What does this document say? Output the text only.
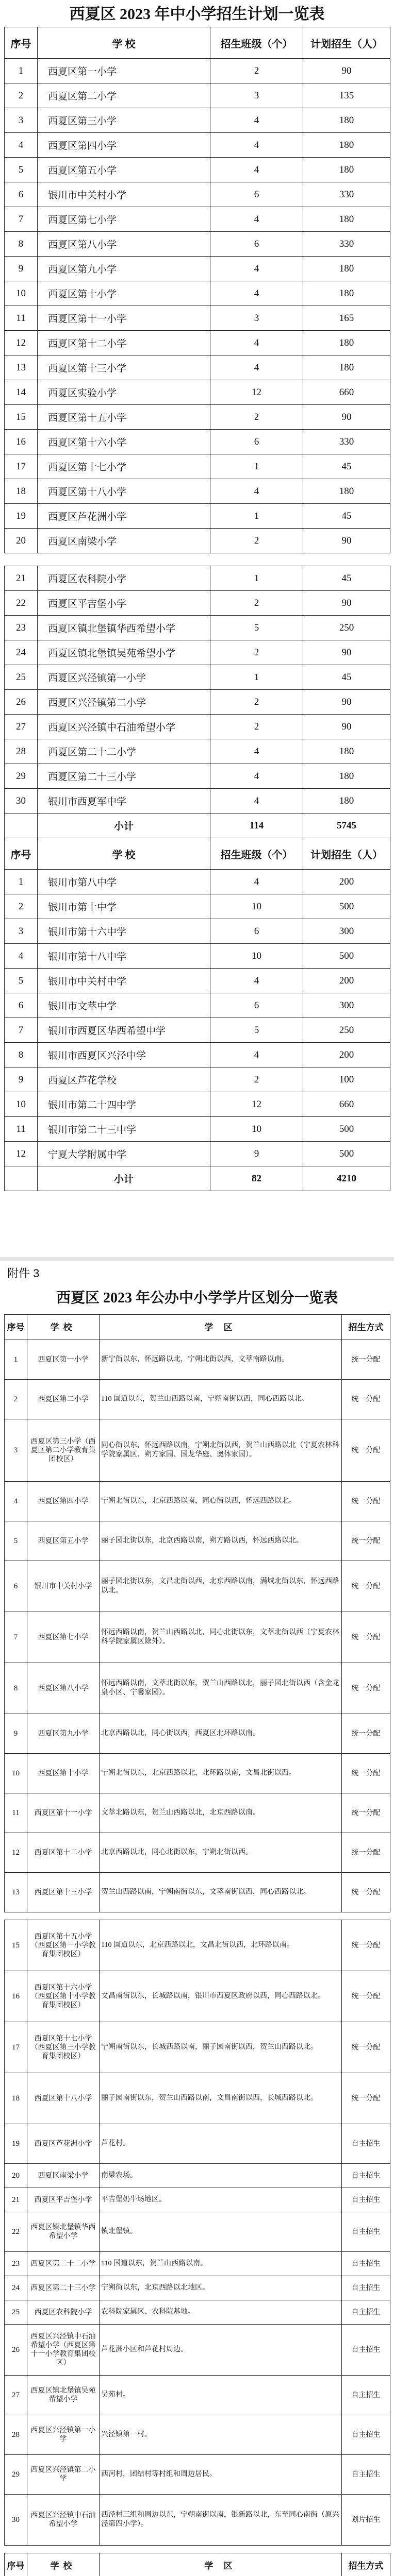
西夏区 2023 年中小学招生计划一览表
序号	学 校	招生班级（个）	计划招生（人）
1	西夏区第一小学	2	90
2	西夏区第二小学	3	135
3	西夏区第三小学	4	180
4	西夏区第四小学	4	180
5	西夏区第五小学	4	180
6	银川市中关村小学	6	330
7	西夏区第七小学	4	180
8	西夏区第八小学	6	330
9	西夏区第九小学	4	180
10	西夏区第十小学	4	180
11	西夏区第十一小学	3	165
12	西夏区第十二小学	4	180
13	西夏区第十三小学	4	180
14	西夏区实验小学	12	660
15	西夏区第十五小学	2	90
16	西夏区第十六小学	6	330
17	西夏区第十七小学	1	45
18	西夏区第十八小学	4	180
19	西夏区芦花洲小学	1	45
20	西夏区南梁小学	2	90
21	西夏区农科院小学	1	45
22	西夏区平吉堡小学	2	90
23	西夏区镇北堡镇华西希望小学	5	250
24	西夏区镇北堡镇吴苑希望小学	2	90
25	西夏区兴泾镇第一小学	1	45
26	西夏区兴泾镇第二小学	2	90
27	西夏区兴泾镇中石油希望小学	2	90
28	西夏区第二十二小学	4	180
29	西夏区第二十三小学	4	180
30	银川市西夏军中学	4	180
	小计	114	5745
序号	学 校	招生班级（个）	计划招生（人）
1	银川市第八中学	4	200
2	银川市第十中学	10	500
3	银川市第十六中学	6	300
4	银川市第十八中学	10	500
5	银川市中关村中学	4	200
6	银川市文萃中学	6	300
7	银川市西夏区华西希望中学	5	250
8	银川市西夏区兴泾中学	4	200
9	西夏区芦花学校	2	100
10	银川市第二十四中学	12	660
11	银川市第二十三中学	10	500
12	宁夏大学附属中学	9	500
	小计	82	4210
附件 3
西夏区 2023 年公办中小学学片区划分一览表
序号	学校	学 区	招生方式
1	西夏区第一小学	新宁街以东，怀远路以北，宁朔北街以西，文萃南路以南。	统一分配
2	西夏区第二小学	110 国道以东，贺兰山西路以南，宁朔南街以西，同心西路以北。	统一分配
3	西夏区第三小学（西夏区第二小学教育集团校区）	同心街以东，怀远西路以南，宁朔北街以西，贺兰山西路以北（宁夏农林科学院家属区、朔方家园、国龙华庭、奥体家园）。	统一分配
4	西夏区第四小学	宁朔北街以东，北京西路以南，同心街以西，怀远西路以北。	统一分配
5	西夏区第五小学	丽子园北街以东，北京西路以南，朔方路以西，怀远西路以北。	统一分配
6	银川市中关村小学	丽子园北街以东，文昌北街以西，北京西路以南，满城北街以东，怀远西路以北。	统一分配
7	西夏区第七小学	怀远西路以南，贺兰山西路以北，同心北街以东，文萃北街以西（宁夏农林科学院家属区除外）。	统一分配
8	西夏区第八小学	怀远西路以南，文萃北街以东，贺兰山西路以北，丽子园北街以西（含金龙泉小区、宁馨家园）。	统一分配
9	西夏区第九小学	北京西路以北，同心街以西，西夏区北环路以南。	统一分配
10	西夏区第十小学	宁朔北街以东，北京西路以北，北环路以南，文昌北街以西。	统一分配
11	西夏区第十一小学	文萃北路以东，贺兰山西路以北，北京西路以南。	统一分配
12	西夏区第十二小学	北京西路以北，同心北街以东，宁朔北街以西。	统一分配
13	西夏区第十三小学	贺兰山西路以南，宁朔南街以东，文萃南街以西，同心西路以北。	统一分配
15	西夏区第十五小学（西夏区第一小学教育集团校区）	110 国道以东，北京西路以北，文昌北街以西，北环路以南。	统一分配
16	西夏区第十六小学（西夏区第十小学教育集团校区）	文昌南街以东，长城路以南，银川市西夏区政府以西，同心西路以北。	统一分配
17	西夏区第十七小学（西夏区第三小学教育集团校区）	宁朔南街以东，长城西路以南，丽子园南街以西，贺兰山西路以北。	统一分配
18	西夏区第十八小学	丽子园南街以东，贺兰山西路以南，文昌南街以西，长城西路以北。	统一分配
19	西夏区芦花洲小学	芦花村。	自主招生
20	西夏区南梁小学	南梁农场。	自主招生
21	西夏区平吉堡小学	平吉堡奶牛场地区。	自主招生
22	西夏区镇北堡镇华西希望小学	镇北堡镇。	自主招生
23	西夏区第二十二小学	110 国道以东，贺兰山西路以南。	自主招生
24	西夏区第二十三小学	宁朔街以东，北京西路以北地区。	自主招生
25	西夏区农科院小学	农科院家属区、农科院基地。	自主招生
26	西夏区兴泾镇中石油希望小学（西夏区第十一小学教育集团校区）	芦花洲小区和芦花村周边。	自主招生
27	西夏区镇北堡镇吴苑希望小学	吴苑村。	自主招生
28	西夏区兴泾镇第一小学	兴泾镇第一村。	自主招生
29	西夏区兴泾镇第二小学	西河村，团结村等村组和周边居民。	自主招生
30	西夏区兴泾镇中石油希望小学	西泾村三组和周边以东，宁朔南街以南，银新路以北，东至同心南街（原兴泾第四小学）。	划片招生
序号	学校	学 区	招生方式
